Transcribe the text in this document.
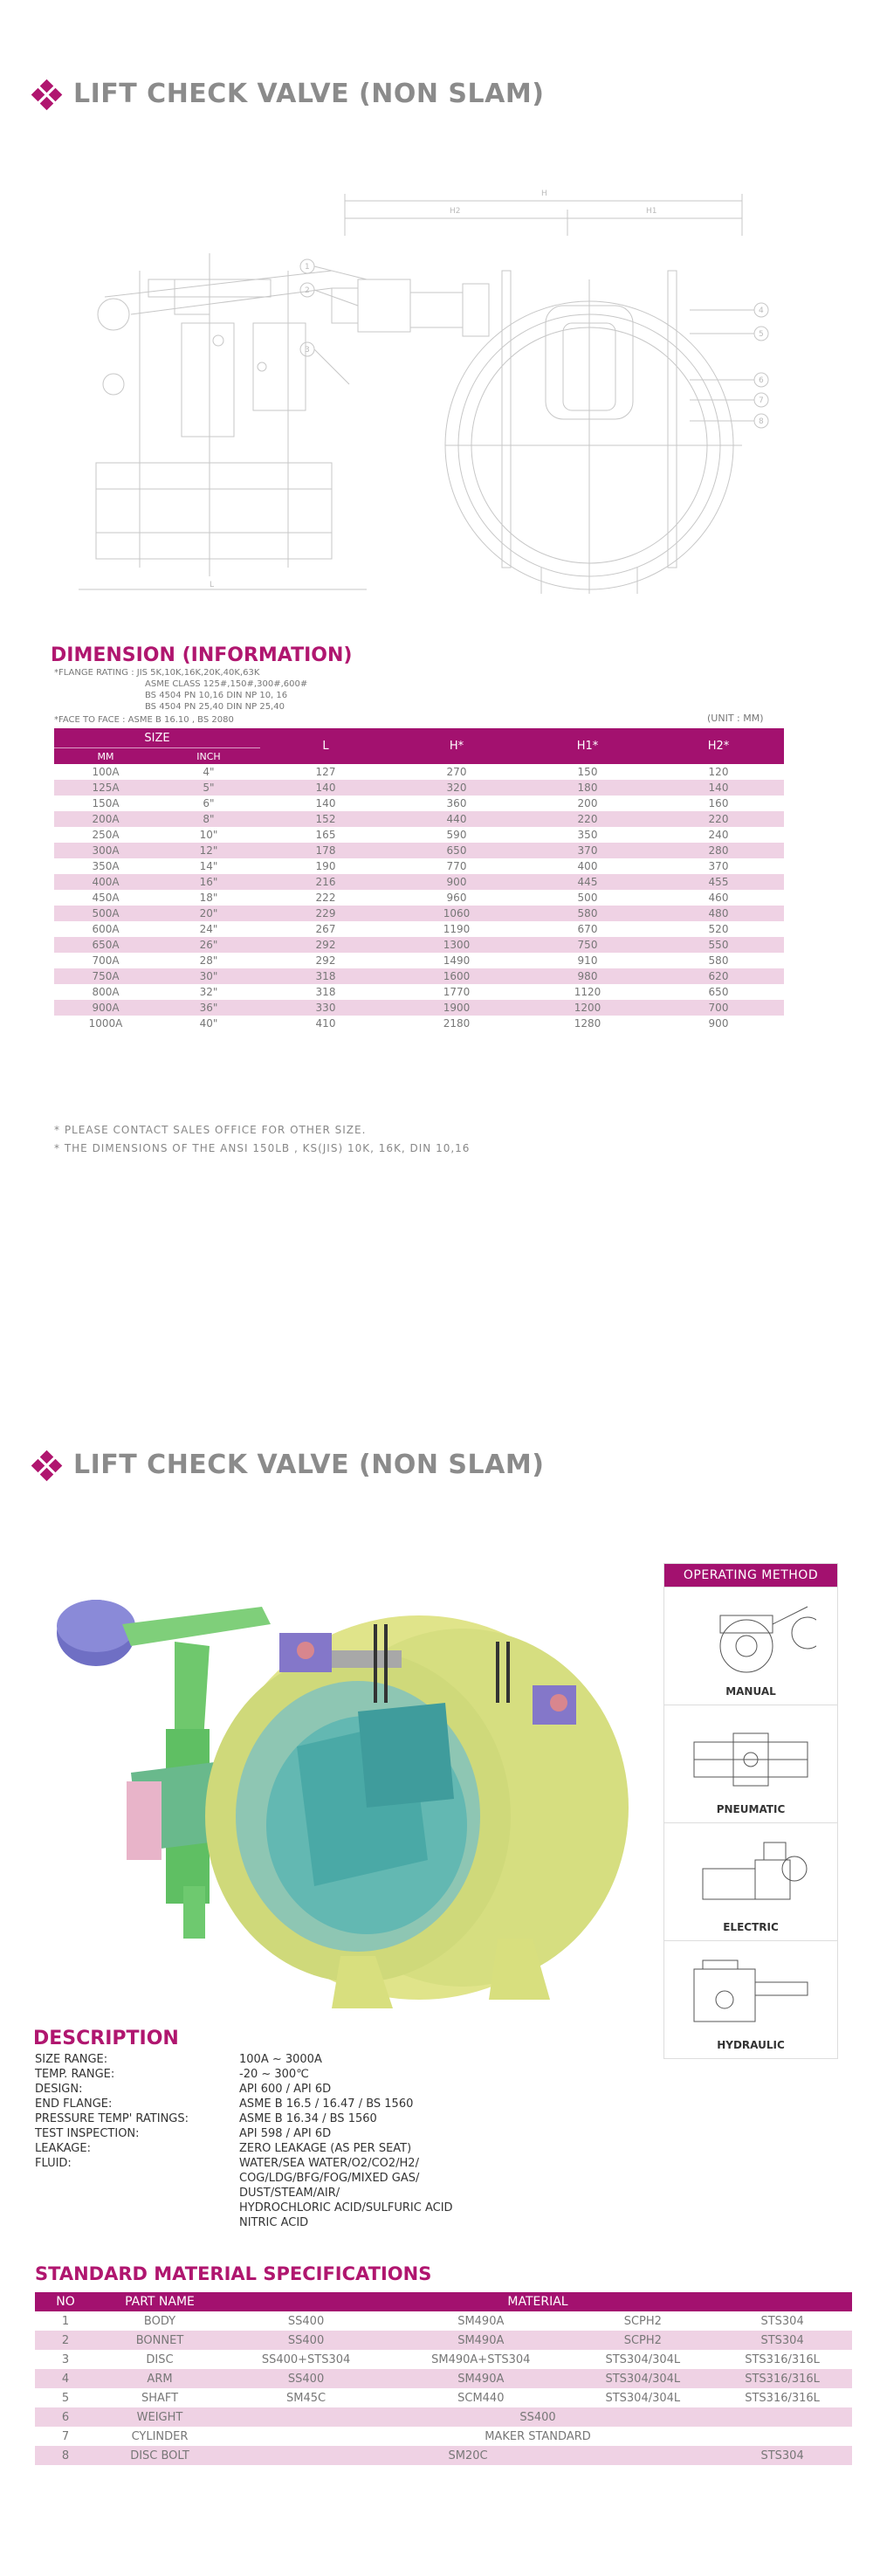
LIFT CHECK VALVE (NON SLAM)
H
H2	H1
L
1
2
3
4
5
6
7
8
DIMENSION (INFORMATION)
*FLANGE RATING : JIS 5K,10K,16K,20K,40K,63K
ASME CLASS 125#,150#,300#,600#
BS 4504 PN 10,16 DIN NP 10, 16
BS 4504 PN 25,40 DIN NP 25,40
*FACE TO FACE : ASME B 16.10 , BS 2080	(UNIT : MM)
SIZE		L	H*	H1*	H2*
MM	INCH				
100A	4"	127	270	150	120
125A	5"	140	320	180	140
150A	6"	140	360	200	160
200A	8"	152	440	220	220
250A	10"	165	590	350	240
300A	12"	178	650	370	280
350A	14"	190	770	400	370
400A	16"	216	900	445	455
450A	18"	222	960	500	460
500A	20"	229	1060	580	480
600A	24"	267	1190	670	520
650A	26"	292	1300	750	550
700A	28"	292	1490	910	580
750A	30"	318	1600	980	620
800A	32"	318	1770	1120	650
900A	36"	330	1900	1200	700
1000A	40"	410	2180	1280	900
* PLEASE CONTACT SALES OFFICE FOR OTHER SIZE.
* THE DIMENSIONS OF THE ANSI 150LB , KS(JIS) 10K, 16K, DIN 10,16
LIFT CHECK VALVE (NON SLAM)
OPERATING METHOD
MANUAL
PNEUMATIC
ELECTRIC
HYDRAULIC
DESCRIPTION
SIZE RANGE:	100A ~ 3000A
TEMP. RANGE:	-20 ~ 300℃
DESIGN:	API 600 / API 6D
END FLANGE:	ASME B 16.5 / 16.47 / BS 1560
PRESSURE TEMP' RATINGS:	ASME B 16.34 / BS 1560
TEST INSPECTION:	API 598 / API 6D
LEAKAGE:	ZERO LEAKAGE (AS PER SEAT)
FLUID:	WATER/SEA WATER/O2/CO2/H2/
COG/LDG/BFG/FOG/MIXED GAS/
DUST/STEAM/AIR/
HYDROCHLORIC ACID/SULFURIC ACID
NITRIC ACID
STANDARD MATERIAL SPECIFICATIONS
NO	PART NAME	MATERIAL			
1	BODY	SS400	SM490A	SCPH2	STS304
2	BONNET	SS400	SM490A	SCPH2	STS304
3	DISC	SS400+STS304	SM490A+STS304	STS304/304L	STS316/316L
4	ARM	SS400	SM490A	STS304/304L	STS316/316L
5	SHAFT	SM45C	SCM440	STS304/304L	STS316/316L
6	WEIGHT	SS400			
7	CYLINDER	MAKER STANDARD			
8	DISC BOLT	SM20C			STS304
